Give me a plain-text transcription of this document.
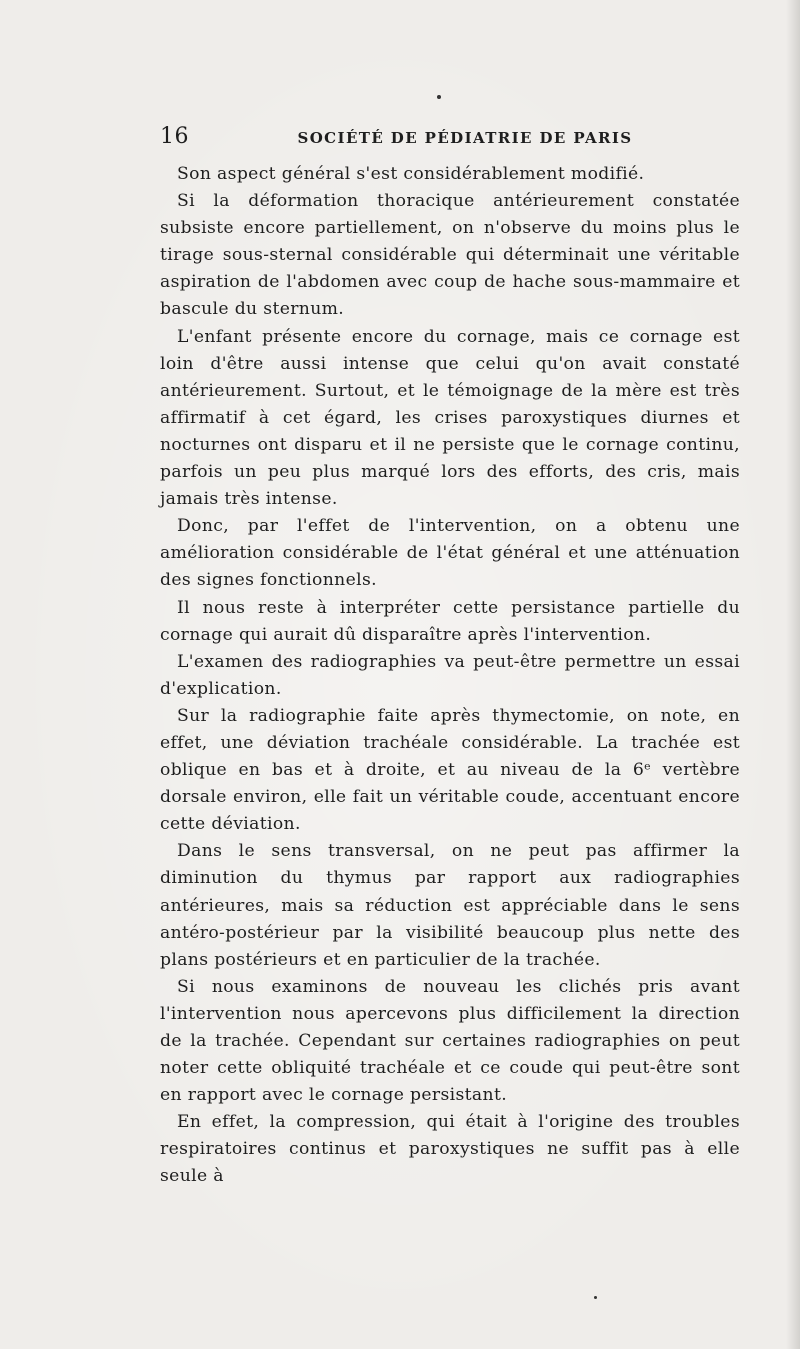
16	SOCIÉTÉ DE PÉDIATRIE DE PARIS

Son aspect général s'est considérablement modifié.

Si la déformation thoracique antérieurement constatée subsiste encore partiellement, on n'observe du moins plus le tirage sous-sternal considérable qui déterminait une véritable aspiration de l'abdomen avec coup de hache sous-mammaire et bascule du sternum.

L'enfant présente encore du cornage, mais ce cornage est loin d'être aussi intense que celui qu'on avait constaté antérieurement. Surtout, et le témoignage de la mère est très affirmatif à cet égard, les crises paroxystiques diurnes et nocturnes ont disparu et il ne persiste que le cornage continu, parfois un peu plus marqué lors des efforts, des cris, mais jamais très intense.

Donc, par l'effet de l'intervention, on a obtenu une amélioration considérable de l'état général et une atténuation des signes fonctionnels.

Il nous reste à interpréter cette persistance partielle du cornage qui aurait dû disparaître après l'intervention.

L'examen des radiographies va peut-être permettre un essai d'explication.

Sur la radiographie faite après thymectomie, on note, en effet, une déviation trachéale considérable. La trachée est oblique en bas et à droite, et au niveau de la 6ᵉ vertèbre dorsale environ, elle fait un véritable coude, accentuant encore cette déviation.

Dans le sens transversal, on ne peut pas affirmer la diminution du thymus par rapport aux radiographies antérieures, mais sa réduction est appréciable dans le sens antéro-postérieur par la visibilité beaucoup plus nette des plans postérieurs et en particulier de la trachée.

Si nous examinons de nouveau les clichés pris avant l'intervention nous apercevons plus difficilement la direction de la trachée. Cependant sur certaines radiographies on peut noter cette obliquité trachéale et ce coude qui peut-être sont en rapport avec le cornage persistant.

En effet, la compression, qui était à l'origine des troubles respiratoires continus et paroxystiques ne suffit pas à elle seule à
